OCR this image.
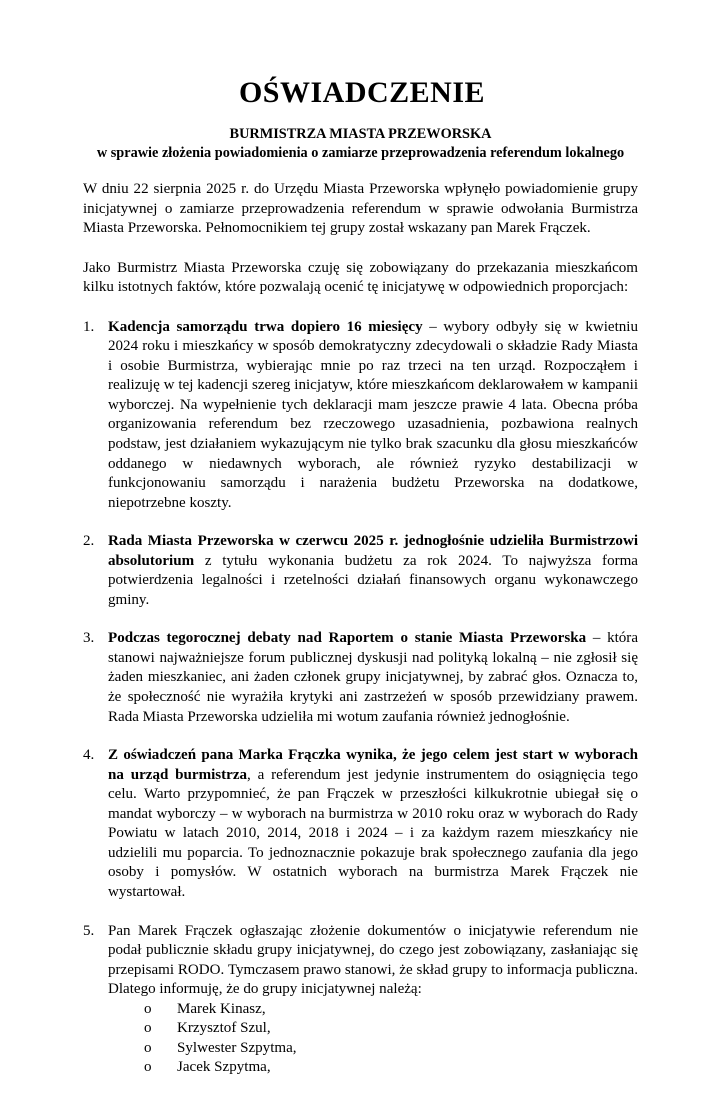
OŚWIADCZENIE
BURMISTRZA MIASTA PRZEWORSKA
w sprawie złożenia powiadomienia o zamiarze przeprowadzenia referendum lokalnego

W dniu 22 sierpnia 2025 r. do Urzędu Miasta Przeworska wpłynęło powiadomienie grupy inicjatywnej o zamiarze przeprowadzenia referendum w sprawie odwołania Burmistrza Miasta Przeworska. Pełnomocnikiem tej grupy został wskazany pan Marek Frączek.

Jako Burmistrz Miasta Przeworska czuję się zobowiązany do przekazania mieszkańcom kilku istotnych faktów, które pozwalają ocenić tę inicjatywę w odpowiednich proporcjach:

1. Kadencja samorządu trwa dopiero 16 miesięcy – wybory odbyły się w kwietniu 2024 roku i mieszkańcy w sposób demokratyczny zdecydowali o składzie Rady Miasta i osobie Burmistrza, wybierając mnie po raz trzeci na ten urząd. Rozpocząłem i realizuję w tej kadencji szereg inicjatyw, które mieszkańcom deklarowałem w kampanii wyborczej. Na wypełnienie tych deklaracji mam jeszcze prawie 4 lata. Obecna próba organizowania referendum bez rzeczowego uzasadnienia, pozbawiona realnych podstaw, jest działaniem wykazującym nie tylko brak szacunku dla głosu mieszkańców oddanego w niedawnych wyborach, ale również ryzyko destabilizacji w funkcjonowaniu samorządu i narażenia budżetu Przeworska na dodatkowe, niepotrzebne koszty.
2. Rada Miasta Przeworska w czerwcu 2025 r. jednogłośnie udzieliła Burmistrzowi absolutorium z tytułu wykonania budżetu za rok 2024. To najwyższa forma potwierdzenia legalności i rzetelności działań finansowych organu wykonawczego gminy.
3. Podczas tegorocznej debaty nad Raportem o stanie Miasta Przeworska – która stanowi najważniejsze forum publicznej dyskusji nad polityką lokalną – nie zgłosił się żaden mieszkaniec, ani żaden członek grupy inicjatywnej, by zabrać głos. Oznacza to, że społeczność nie wyrażiła krytyki ani zastrzeżeń w sposób przewidziany prawem. Rada Miasta Przeworska udzieliła mi wotum zaufania również jednogłośnie.
4. Z oświadczeń pana Marka Frączka wynika, że jego celem jest start w wyborach na urząd burmistrza, a referendum jest jedynie instrumentem do osiągnięcia tego celu. Warto przypomnieć, że pan Frączek w przeszłości kilkukrotnie ubiegał się o mandat wyborczy – w wyborach na burmistrza w 2010 roku oraz w wyborach do Rady Powiatu w latach 2010, 2014, 2018 i 2024 – i za każdym razem mieszkańcy nie udzielili mu poparcia. To jednoznacznie pokazuje brak społecznego zaufania dla jego osoby i pomysłów. W ostatnich wyborach na burmistrza Marek Frączek nie wystartował.
5. Pan Marek Frączek ogłaszając złożenie dokumentów o inicjatywie referendum nie podał publicznie składu grupy inicjatywnej, do czego jest zobowiązany, zasłaniając się przepisami RODO. Tymczasem prawo stanowi, że skład grupy to informacja publiczna. Dlatego informuję, że do grupy inicjatywnej należą:
o Marek Kinasz,
o Krzysztof Szul,
o Sylwester Szpytma,
o Jacek Szpytma,
